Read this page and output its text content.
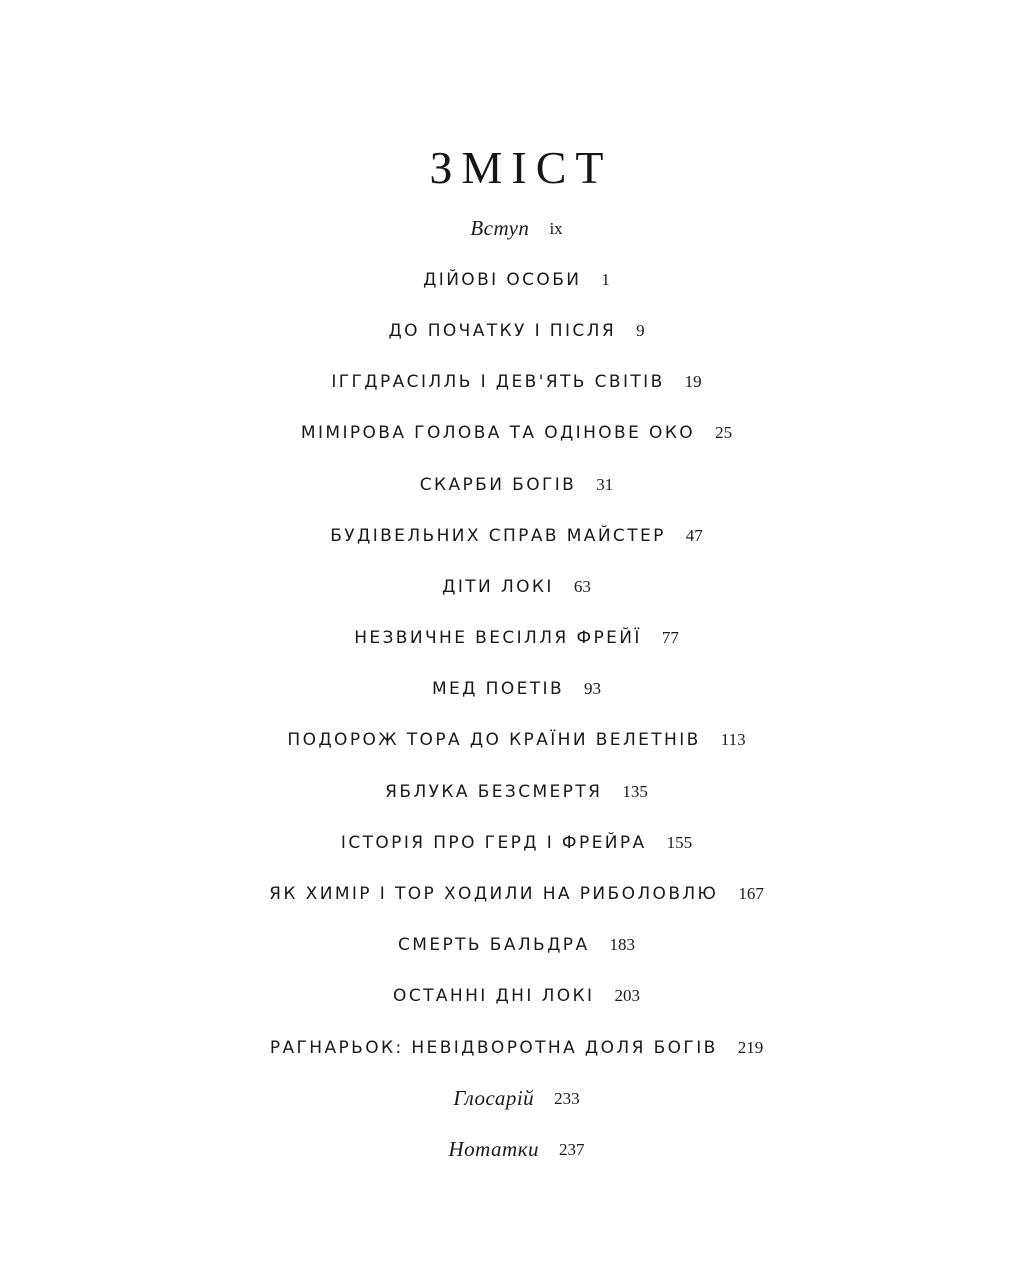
ЗМІСТ
Вступ ix
ДІЙОВІ ОСОБИ 1
ДО ПОЧАТКУ І ПІСЛЯ 9
ІГГДРАСІЛЛЬ І ДЕВ'ЯТЬ СВІТІВ 19
МІМІРОВА ГОЛОВА ТА ОДІНОВЕ ОКО 25
СКАРБИ БОГІВ 31
БУДІВЕЛЬНИХ СПРАВ МАЙСТЕР 47
ДІТИ ЛОКІ 63
НЕЗВИЧНЕ ВЕСІЛЛЯ ФРЕЙЇ 77
МЕД ПОЕТІВ 93
ПОДОРОЖ ТОРА ДО КРАЇНИ ВЕЛЕТНІВ 113
ЯБЛУКА БЕЗСМЕРТЯ 135
ІСТОРІЯ ПРО ГЕРД І ФРЕЙРА 155
ЯК ХИМІР І ТОР ХОДИЛИ НА РИБОЛОВЛЮ 167
СМЕРТЬ БАЛЬДРА 183
ОСТАННІ ДНІ ЛОКІ 203
РАГНАРЬОК: НЕВІДВОРОТНА ДОЛЯ БОГІВ 219
Глосарій 233
Нотатки 237
